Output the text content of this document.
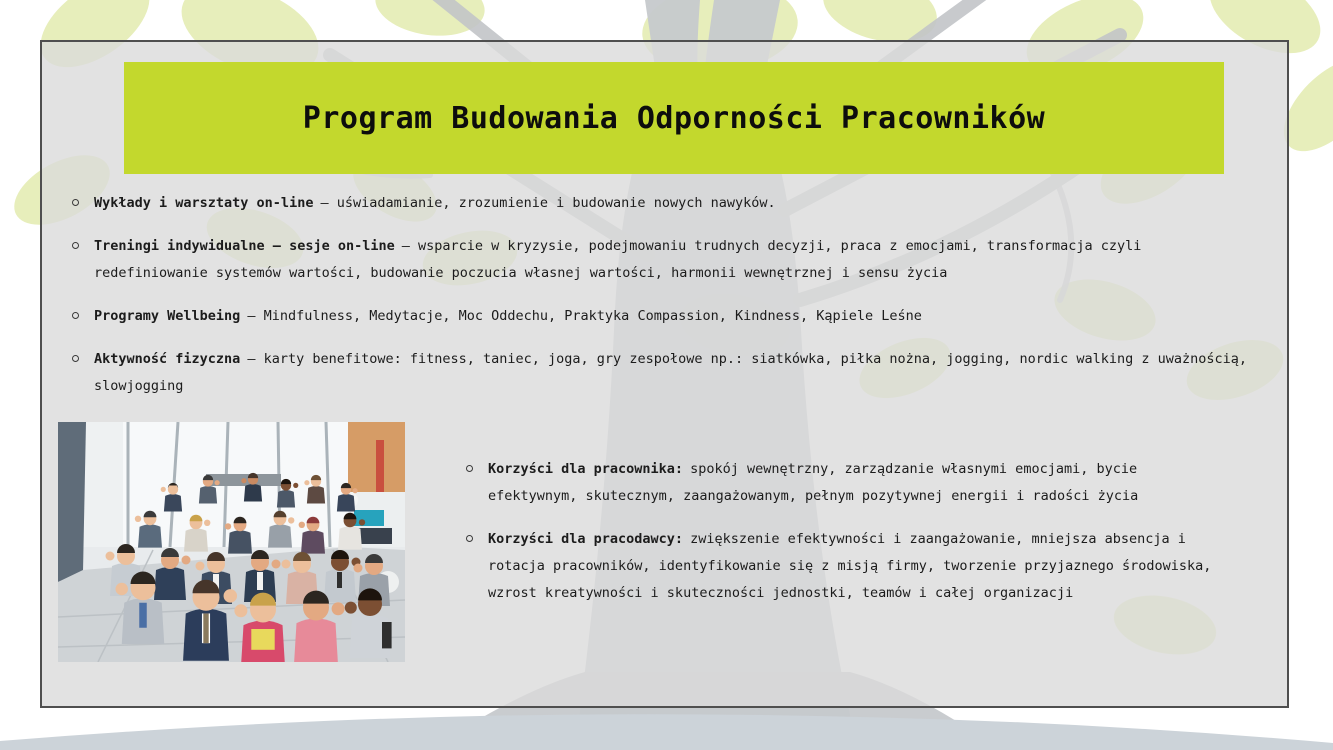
Program Budowania Odporności Pracowników
Wykłady i warsztaty on-line – uświadamianie, zrozumienie i budowanie nowych nawyków.
Treningi indywidualne – sesje on-line – wsparcie w kryzysie, podejmowaniu trudnych decyzji, praca z emocjami, transformacja czyli redefiniowanie systemów wartości, budowanie poczucia własnej wartości, harmonii wewnętrznej i sensu życia
Programy Wellbeing – Mindfulness, Medytacje, Moc Oddechu, Praktyka Compassion, Kindness, Kąpiele Leśne
Aktywność fizyczna – karty benefitowe: fitness, taniec, joga, gry zespołowe np.: siatkówka, piłka nożna, jogging, nordic walking z uważnością, slowjogging
Korzyści dla pracownika: spokój wewnętrzny, zarządzanie własnymi emocjami, bycie efektywnym, skutecznym, zaangażowanym, pełnym pozytywnej energii i radości życia
Korzyści dla pracodawcy: zwiększenie efektywności i zaangażowanie, mniejsza absencja i rotacja pracowników, identyfikowanie się z misją firmy, tworzenie przyjaznego środowiska, wzrost kreatywności i skuteczności jednostki, teamów i całej organizacji
